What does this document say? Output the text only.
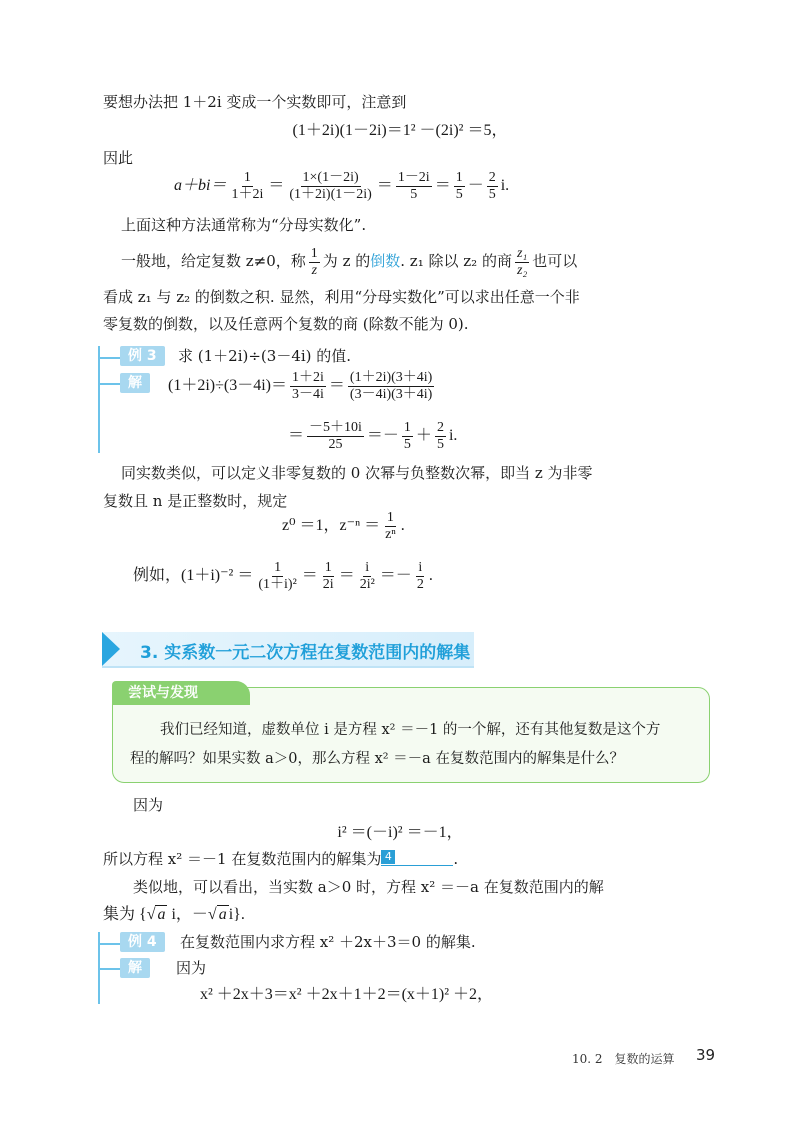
要想办法把 1＋2i 变成一个实数即可，注意到
(1＋2i)(1－2i)＝1² －(2i)² ＝5，
因此
$a+bi= \frac{1}{1+2i} = \frac{1\times(1-2i)}{(1+2i)(1-2i)} = \frac{1-2i}{5} = \frac{1}{5} - \frac{2}{5} i$.
上面这种方法通常称为“分母实数化”.
一般地，给定复数 z≠0，称 $\frac{1}{z}$ 为 z 的倒数. z₁ 除以 z₂ 的商 $\frac{\text{z₁}}{\text{z₂}}$ 也可以
看成 z₁ 与 z₂ 的倒数之积. 显然，利用“分母实数化”可以求出任意一个非
零复数的倒数，以及任意两个复数的商 (除数不能为 0).
例 3	求 (1＋2i)÷(3－4i) 的值.
解	$(1+2i)\div(3-4i)= \frac{1+2i}{3-4i} = \frac{(1+2i)(3+4i)}{(3-4i)(3+4i)}$
＝ $\frac{-5+10i}{25} =- \frac{1}{5} + \frac{2}{5} i$.
同实数类似，可以定义非零复数的 0 次幂与负整数次幂，即当 z 为非零
复数且 n 是正整数时，规定
z⁰ ＝1，$z^{-n} = \frac{1}{\text{zⁿ}}$ .
例如，$(1+i)^{-2} = \frac{1}{\text{(1＋i)²}} = \frac{1}{2i} = \frac{i}{\text{2i²}} =- \frac{i}{2}$ .
3. 实系数一元二次方程在复数范围内的解集
尝试与发现
我们已经知道，虚数单位 i 是方程 x² ＝－1 的一个解，还有其他复数是这个方
程的解吗？如果实数 a＞0，那么方程 x² ＝－a 在复数范围内的解集是什么？
因为
i² ＝(－i)² ＝－1，
所以方程 x² ＝－1 在复数范围内的解集为 4	.
类似地，可以看出，当实数 a＞0 时，方程 x² ＝－a 在复数范围内的解
集为 {√ a i，－√ a i}.
例 4	在复数范围内求方程 x² ＋2x＋3＝0 的解集.
解	因为
x² ＋2x＋3＝x² ＋2x＋1＋2＝(x＋1)² ＋2，
10. 2　复数的运算 39
